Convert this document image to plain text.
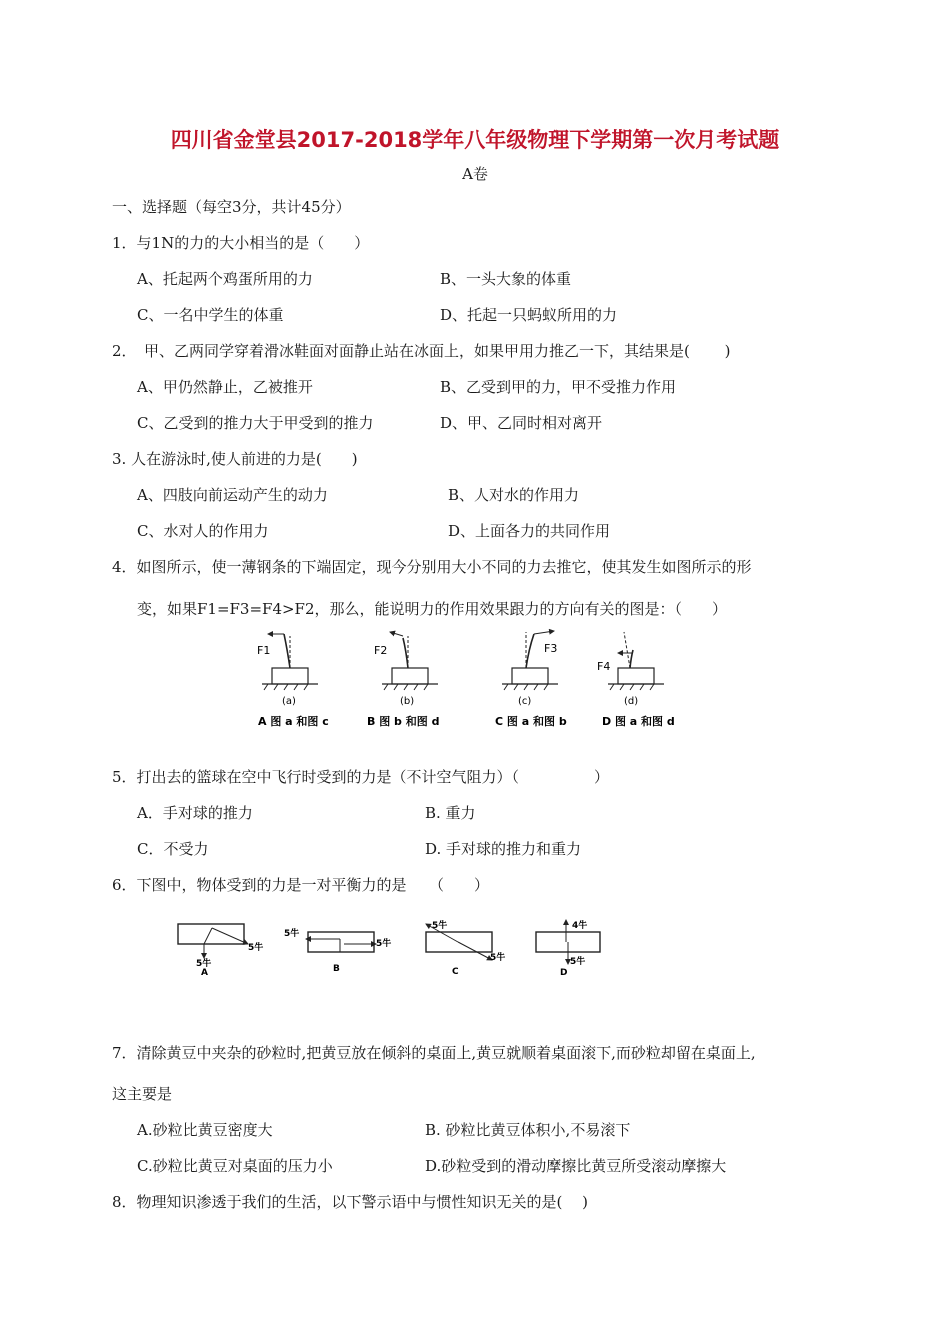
四川省金堂县2017-2018学年八年级物理下学期第一次月考试题
A卷
一、选择题（每空3分，共计45分）
1．与1N的力的大小相当的是（　　）
A、托起两个鸡蛋所用的力	B、一头大象的体重
C、一名中学生的体重	D、托起一只蚂蚁所用的力
2．　甲、乙两同学穿着滑冰鞋面对面静止站在冰面上，如果甲用力推乙一下，其结果是(　　 )
A、甲仍然静止，乙被推开	B、乙受到甲的力，甲不受推力作用
C、乙受到的推力大于甲受到的推力	D、甲、乙同时相对离开
3. 人在游泳时,使人前进的力是(　　)
A、四肢向前运动产生的动力	B、人对水的作用力
C、水对人的作用力	D、上面各力的共同作用
4．如图所示，使一薄钢条的下端固定，现今分别用大小不同的力去推它，使其发生如图所示的形
变，如果F1=F3=F4>F2，那么，能说明力的作用效果跟力的方向有关的图是：（　　）
F1
(a)
A 图 a 和图 c
F2
(b)
B 图 b 和图 d
F3
(c)
C 图 a 和图 b
F4
(d)
D 图 a 和图 d
5．打出去的篮球在空中飞行时受到的力是（不计空气阻力）（　　　　　）
A．手对球的推力	B. 重力
C．不受力	D. 手对球的推力和重力
6．下图中，物体受到的力是一对平衡力的是　　（　　）
5牛
5牛
A
5牛
5牛
B
5牛
5牛
C
4牛
5牛
D
7．清除黄豆中夹杂的砂粒时,把黄豆放在倾斜的桌面上,黄豆就顺着桌面滚下,而砂粒却留在桌面上,
这主要是
A.砂粒比黄豆密度大	B. 砂粒比黄豆体积小,不易滚下
C.砂粒比黄豆对桌面的压力小	D.砂粒受到的滑动摩擦比黄豆所受滚动摩擦大
8．物理知识渗透于我们的生活，以下警示语中与惯性知识无关的是(　 )
